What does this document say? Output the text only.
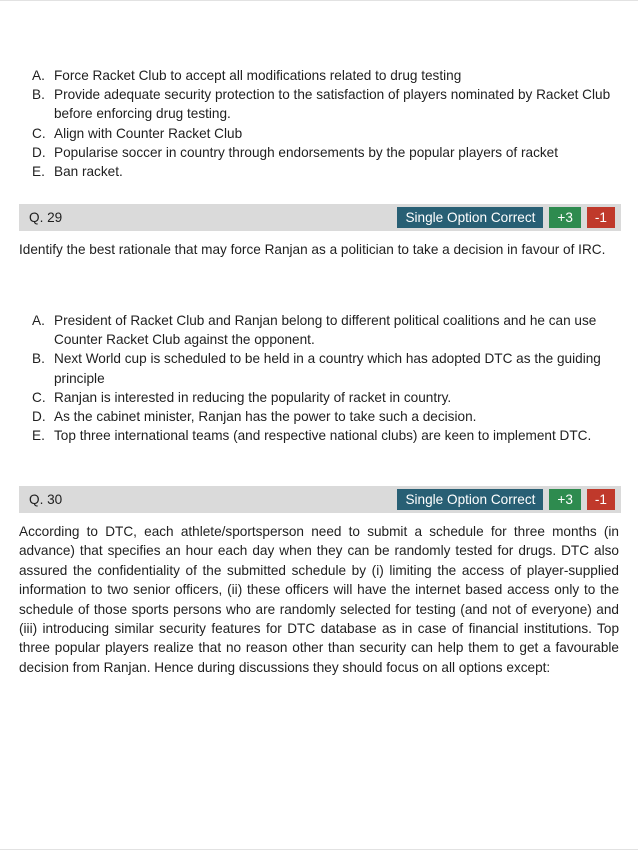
A. Force Racket Club to accept all modifications related to drug testing
B. Provide adequate security protection to the satisfaction of players nominated by Racket Club before enforcing drug testing.
C. Align with Counter Racket Club
D. Popularise soccer in country through endorsements by the popular players of racket
E. Ban racket.
Q. 29	Single Option Correct	+3	-1

Identify the best rationale that may force Ranjan as a politician to take a decision in favour of IRC.

A. President of Racket Club and Ranjan belong to different political coalitions and he can use Counter Racket Club against the opponent.
B. Next World cup is scheduled to be held in a country which has adopted DTC as the guiding principle
C. Ranjan is interested in reducing the popularity of racket in country.
D. As the cabinet minister, Ranjan has the power to take such a decision.
E. Top three international teams (and respective national clubs) are keen to implement DTC.
Q. 30	Single Option Correct	+3	-1

According to DTC, each athlete/sportsperson need to submit a schedule for three months (in advance) that specifies an hour each day when they can be randomly tested for drugs. DTC also assured the confidentiality of the submitted schedule by (i) limiting the access of player-supplied information to two senior officers, (ii) these officers will have the internet based access only to the schedule of those sports persons who are randomly selected for testing (and not of everyone) and (iii) introducing similar security features for DTC database as in case of financial institutions. Top three popular players realize that no reason other than security can help them to get a favourable decision from Ranjan. Hence during discussions they should focus on all options except:
